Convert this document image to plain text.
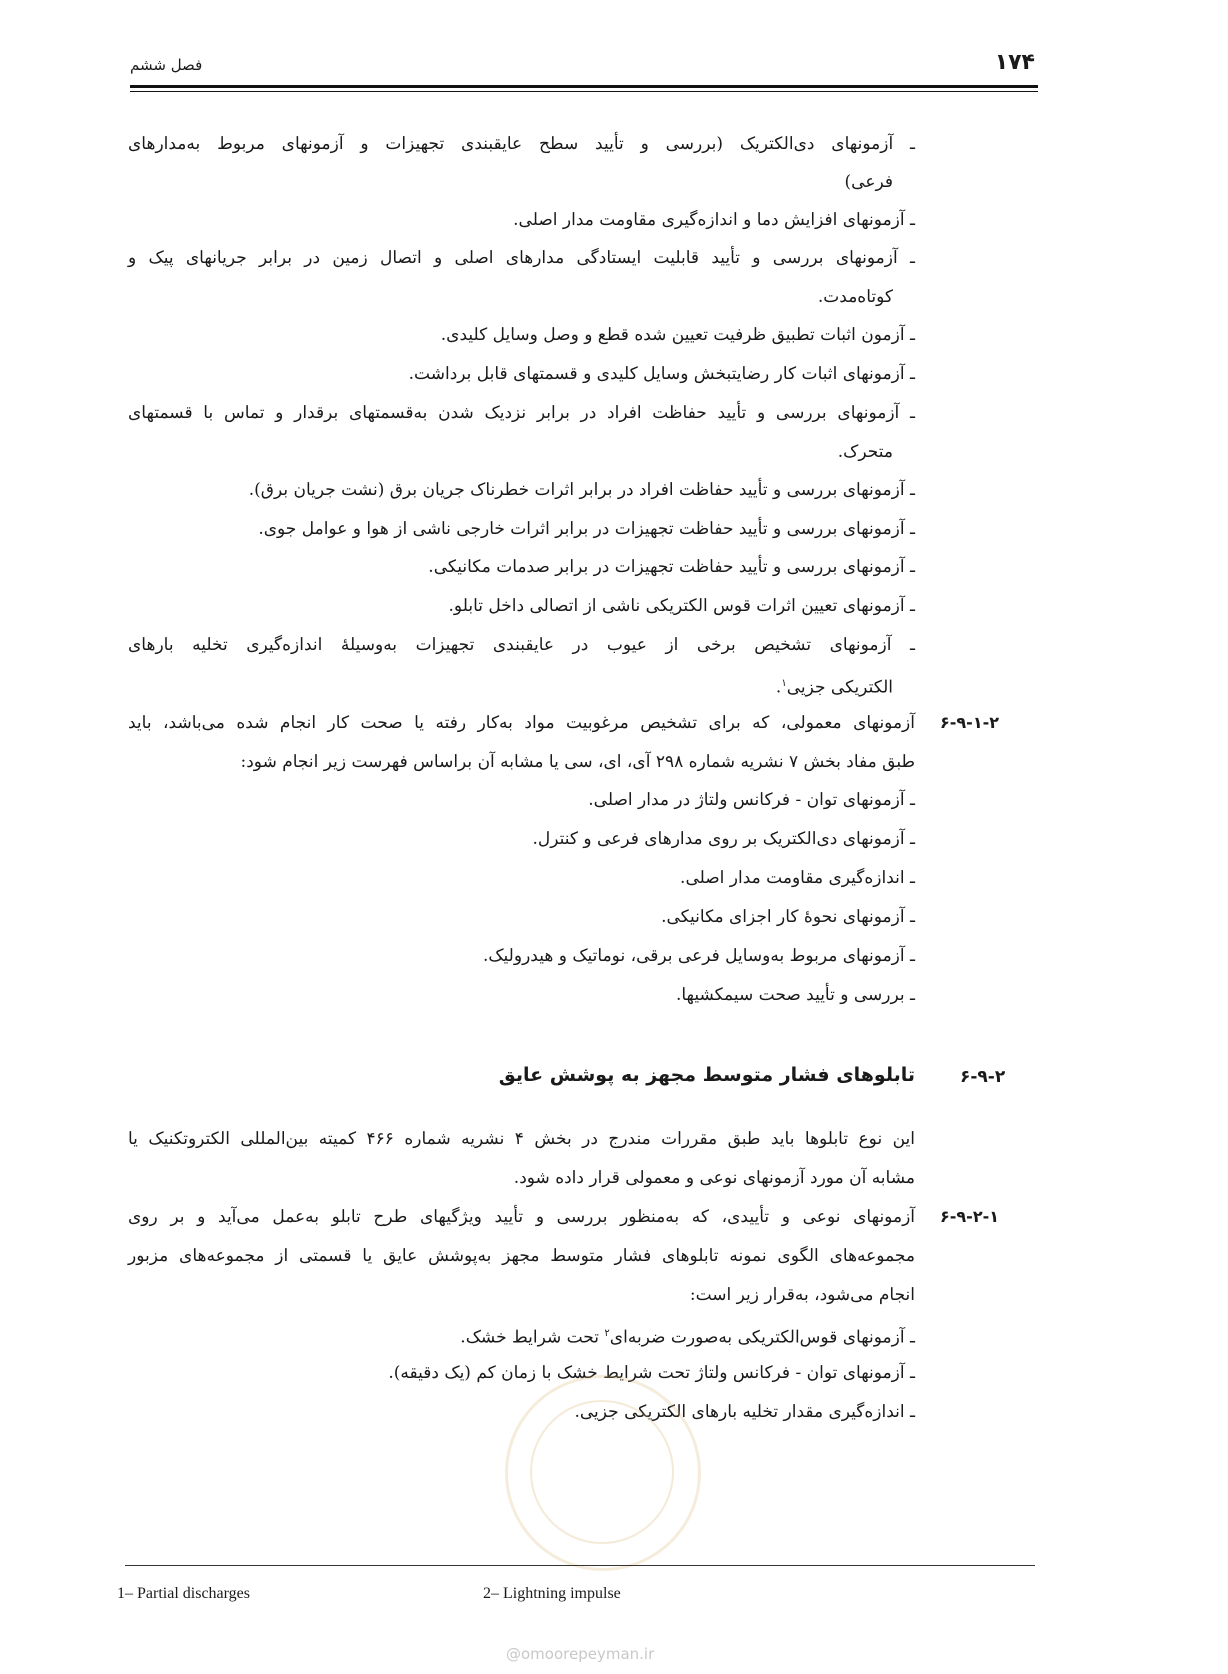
۱۷۴
فصل ششم
ـ آزمونهای دی‌الکتریک (بررسی و تأیید سطح عایقبندی تجهیزات و آزمونهای مربوط به‌مدارهای
فرعی)
ـ آزمونهای افزایش دما و اندازه‌گیری مقاومت مدار اصلی.
ـ آزمونهای بررسی و تأیید قابلیت ایستادگی مدارهای اصلی و اتصال زمین در برابر جریانهای پیک و
کوتاه‌مدت.
ـ آزمون اثبات تطبیق ظرفیت تعیین شده قطع و وصل وسایل کلیدی.
ـ آزمونهای اثبات کار رضایتبخش وسایل کلیدی و قسمتهای قابل برداشت.
ـ آزمونهای بررسی و تأیید حفاظت افراد در برابر نزدیک شدن به‌قسمتهای برقدار و تماس با قسمتهای
متحرک.
ـ آزمونهای بررسی و تأیید حفاظت افراد در برابر اثرات خطرناک جریان برق (نشت جریان برق).
ـ آزمونهای بررسی و تأیید حفاظت تجهیزات در برابر اثرات خارجی ناشی از هوا و عوامل جوی.
ـ آزمونهای بررسی و تأیید حفاظت تجهیزات در برابر صدمات مکانیکی.
ـ آزمونهای تعیین اثرات قوس الکتریکی ناشی از اتصالی داخل تابلو.
ـ آزمونهای تشخیص برخی از عیوب در عایقبندی تجهیزات به‌وسیلهٔ اندازه‌گیری تخلیه بارهای
الکتریکی جزیی$^۱$.
۶-۹-۱-۲
آزمونهای معمولی، که برای تشخیص مرغوبیت مواد به‌کار رفته یا صحت کار انجام شده می‌باشد، باید
طبق مفاد بخش ۷ نشریه شماره ۲۹۸ آی، ای، سی یا مشابه آن براساس فهرست زیر انجام شود:
ـ آزمونهای توان - فرکانس ولتاژ در مدار اصلی.
ـ آزمونهای دی‌الکتریک بر روی مدارهای فرعی و کنترل.
ـ اندازه‌گیری مقاومت مدار اصلی.
ـ آزمونهای نحوهٔ کار اجزای مکانیکی.
ـ آزمونهای مربوط به‌وسایل فرعی برقی، نوماتیک و هیدرولیک.
ـ بررسی و تأیید صحت سیمکشیها.
۶-۹-۲
تابلوهای فشار متوسط مجهز به پوشش عایق
این نوع تابلوها باید طبق مقررات مندرج در بخش ۴ نشریه شماره ۴۶۶ کمیته بین‌المللی الکتروتکنیک یا
مشابه آن مورد آزمونهای نوعی و معمولی قرار داده شود.
۶-۹-۲-۱
آزمونهای نوعی و تأییدی، که به‌منظور بررسی و تأیید ویژگیهای طرح تابلو به‌عمل می‌آید و بر روی
مجموعه‌های الگوی نمونه تابلوهای فشار متوسط مجهز به‌پوشش عایق یا قسمتی از مجموعه‌های مزبور
انجام می‌شود، به‌قرار زیر است:
ـ آزمونهای قوس‌الکتریکی به‌صورت ضربه‌ای$^۲$ تحت شرایط خشک.
ـ آزمونهای توان - فرکانس ولتاژ تحت شرایط خشک با زمان کم (یک دقیقه).
ـ اندازه‌گیری مقدار تخلیه بارهای الکتریکی جزیی.
1– Partial discharges	2– Lightning impulse
@omoorepeyman.ir
